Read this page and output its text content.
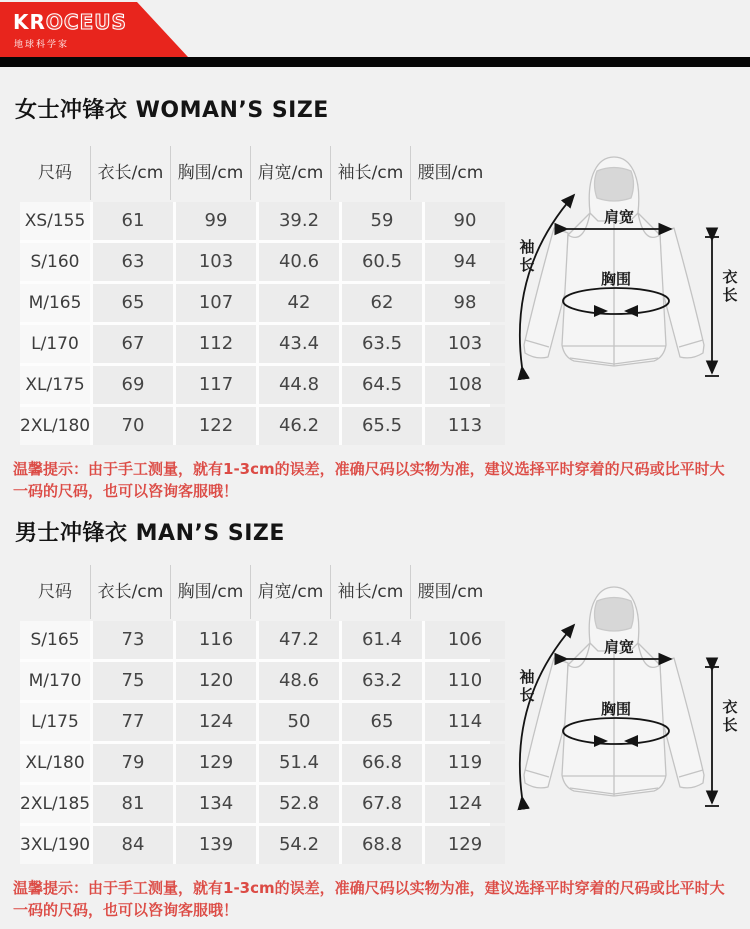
KROCEUS
地球科学家
女士冲锋衣 WOMAN’S SIZE
尺码	衣长/cm 胸围/cm 肩宽/cm 袖长/cm 腰围/cm
XS/155	61	99	39.2	59	90
S/160	63	103	40.6	60.5	94
M/165	65	107	42	62	98
L/170	67	112	43.4	63.5	103
XL/175	69	117	44.8	64.5	108
2XL/180	70	122	46.2	65.5	113
温馨提示：由于手工测量，就有1-3cm的误差，准确尺码以实物为准，建议选择平时穿着的尺码或比平时大一码的尺码，也可以咨询客服哦！
男士冲锋衣 MAN’S SIZE
尺码	衣长/cm 胸围/cm 肩宽/cm 袖长/cm 腰围/cm
S/165	73	116	47.2	61.4	106
M/170	75	120	48.6	63.2	110
L/175	77	124	50	65	114
XL/180	79	129	51.4	66.8	119
2XL/185	81	134	52.8	67.8	124
3XL/190	84	139	54.2	68.8	129
温馨提示：由于手工测量，就有1-3cm的误差，准确尺码以实物为准，建议选择平时穿着的尺码或比平时大一码的尺码，也可以咨询客服哦！
肩宽
胸围
袖
长
衣
长
肩宽
胸围
袖
长
衣
长
